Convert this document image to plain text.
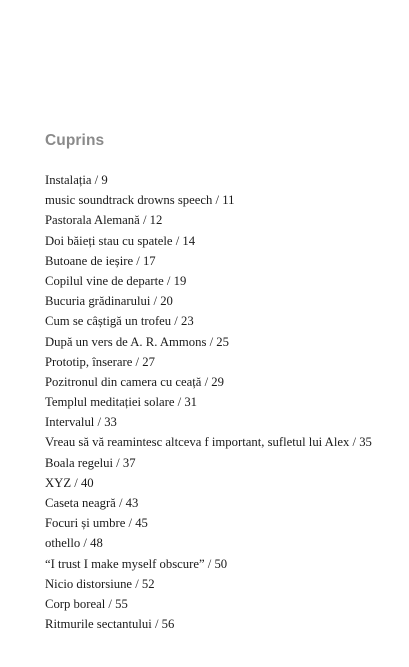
Cuprins
Instalația / 9
music soundtrack drowns speech / 11
Pastorala Alemană / 12
Doi băieți stau cu spatele / 14
Butoane de ieșire / 17
Copilul vine de departe / 19
Bucuria grădinarului / 20
Cum se câștigă un trofeu / 23
După un vers de A. R. Ammons / 25
Prototip, înserare / 27
Pozitronul din camera cu ceață / 29
Templul meditației solare / 31
Intervalul / 33
Vreau să vă reamintesc altceva f important, sufletul lui Alex / 35
Boala regelui / 37
XYZ / 40
Caseta neagră / 43
Focuri și umbre / 45
othello / 48
“I trust I make myself obscure” / 50
Nicio distorsiune / 52
Corp boreal / 55
Ritmurile sectantului / 56
